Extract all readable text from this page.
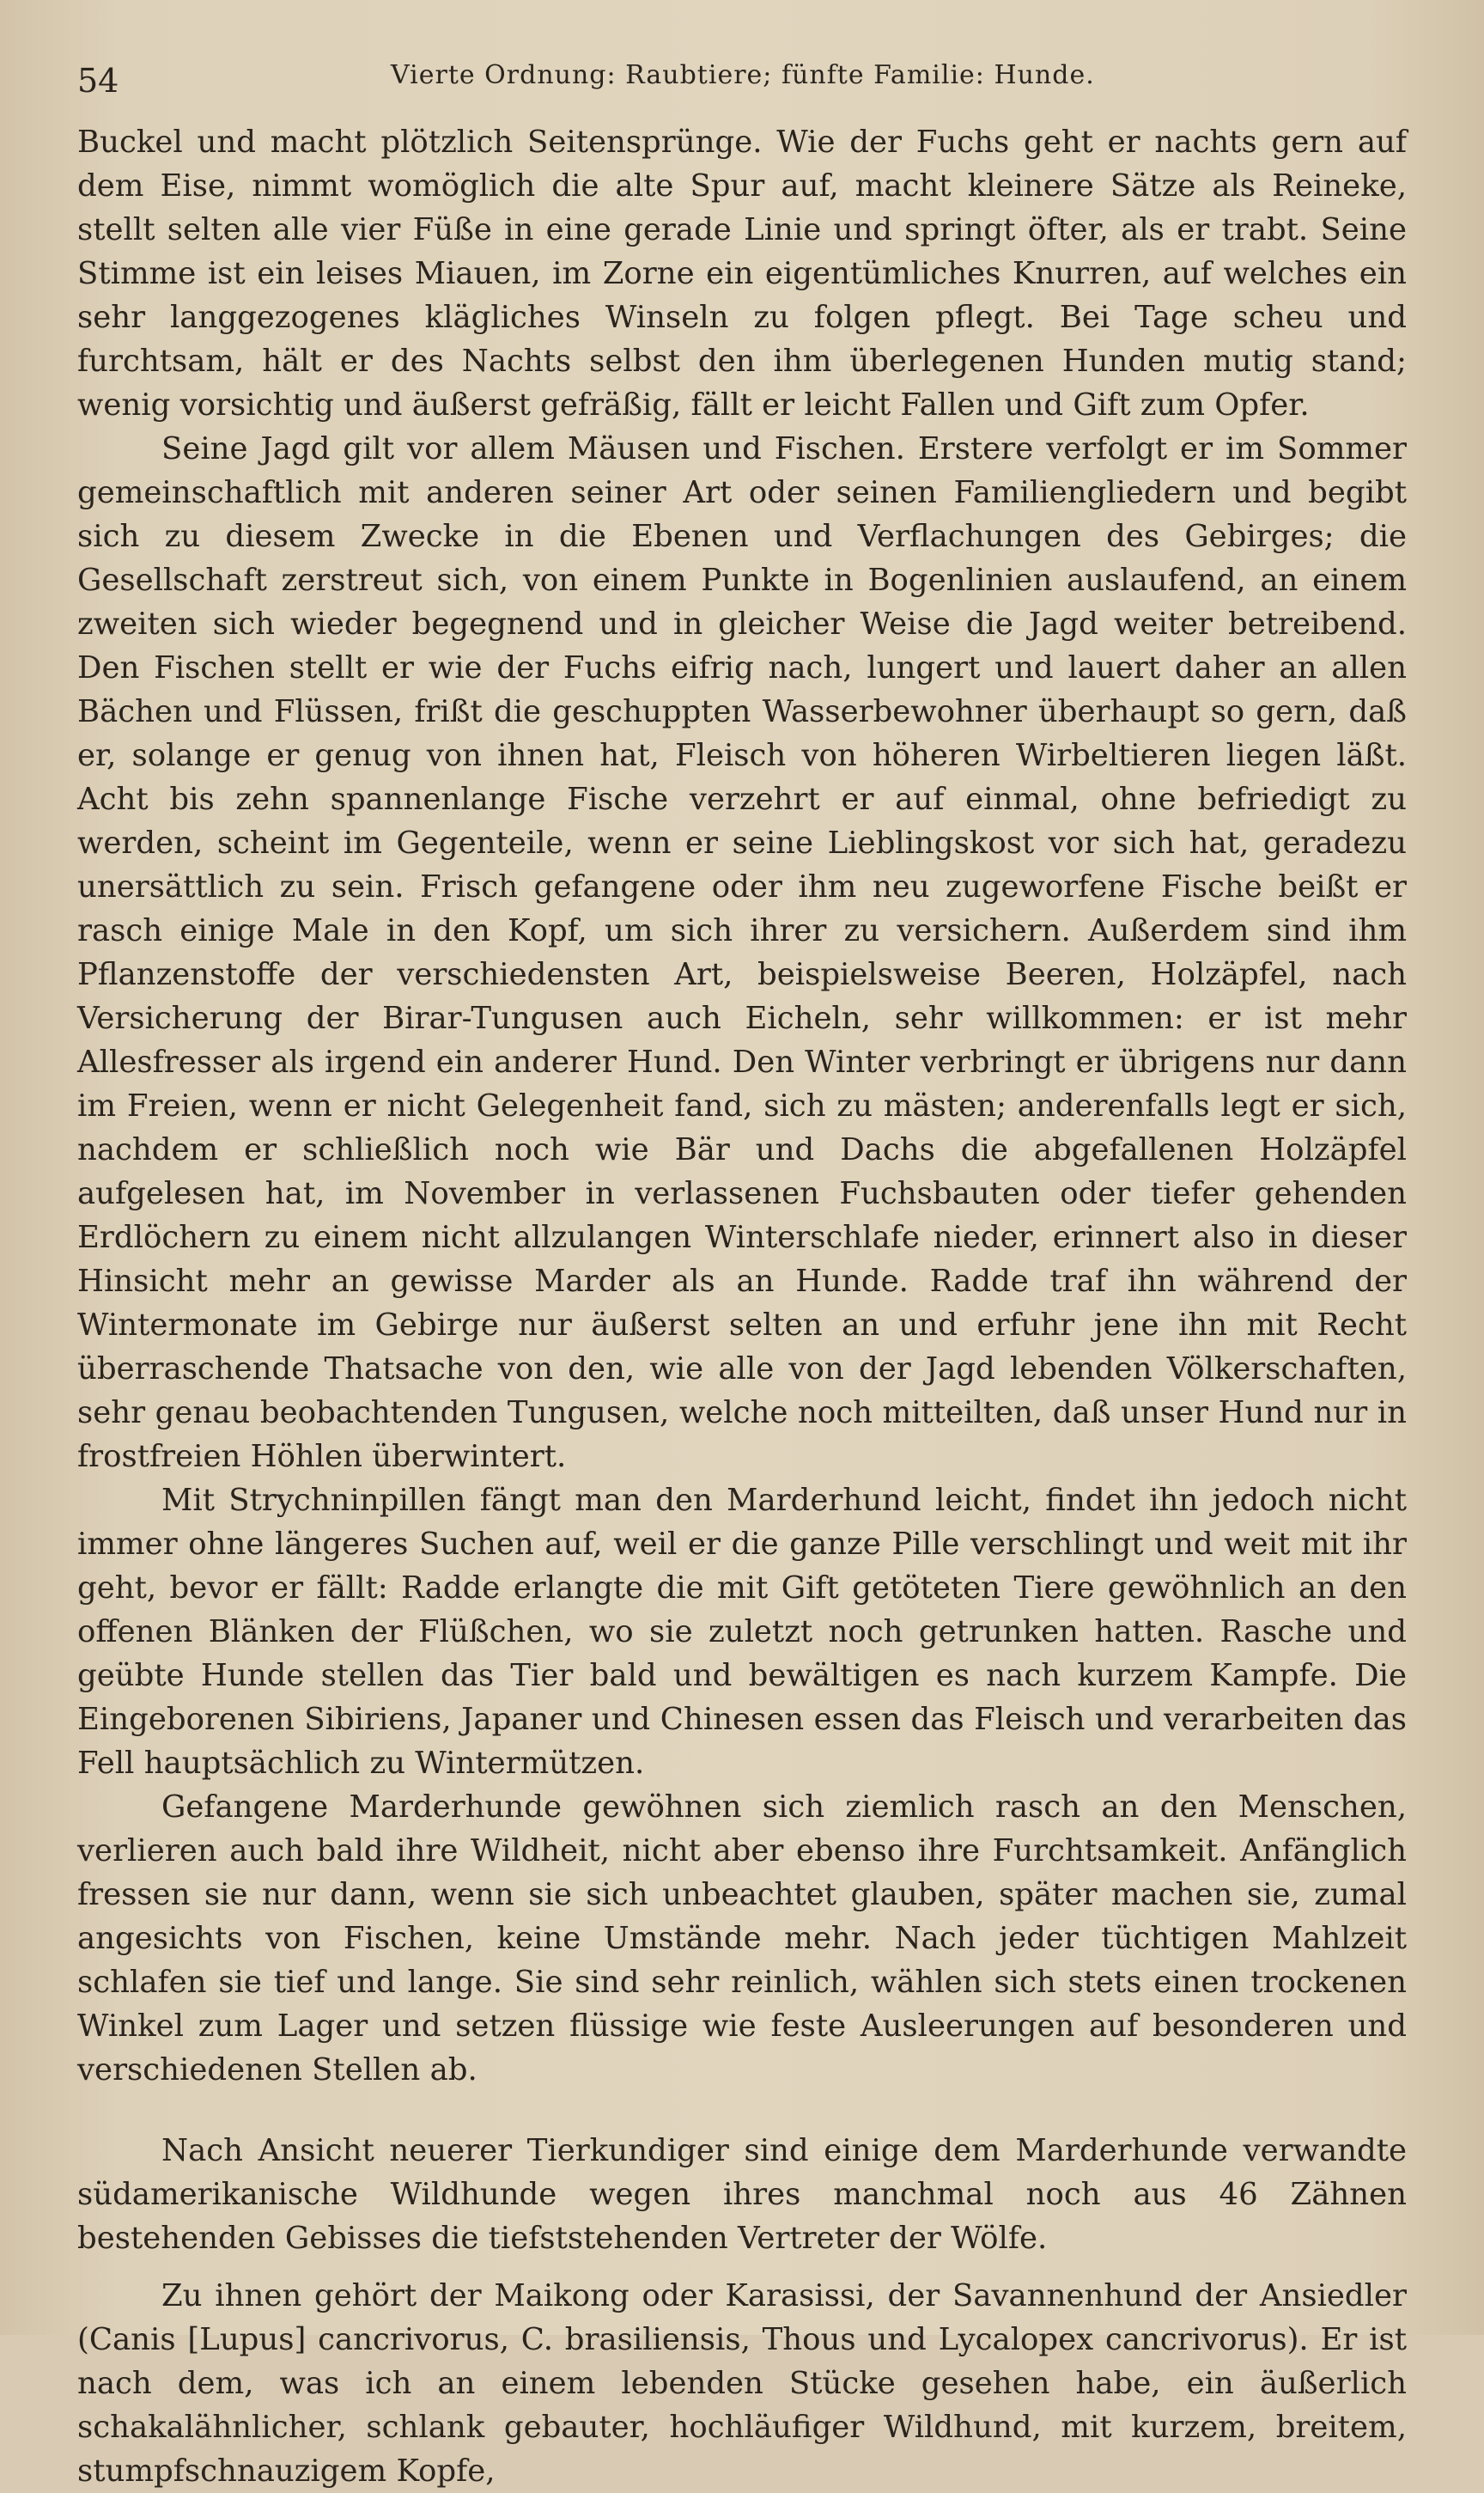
54	Vierte Ordnung: Raubtiere; fünfte Familie: Hunde.

Buckel und macht plötzlich Seitensprünge. Wie der Fuchs geht er nachts gern auf dem Eise, nimmt womöglich die alte Spur auf, macht kleinere Sätze als Reineke, stellt selten alle vier Füße in eine gerade Linie und springt öfter, als er trabt. Seine Stimme ist ein leises Miauen, im Zorne ein eigentümliches Knurren, auf welches ein sehr langgezogenes klägliches Winseln zu folgen pflegt. Bei Tage scheu und furchtsam, hält er des Nachts selbst den ihm überlegenen Hunden mutig stand; wenig vorsichtig und äußerst gefräßig, fällt er leicht Fallen und Gift zum Opfer.

Seine Jagd gilt vor allem Mäusen und Fischen. Erstere verfolgt er im Sommer gemeinschaftlich mit anderen seiner Art oder seinen Familiengliedern und begibt sich zu diesem Zwecke in die Ebenen und Verflachungen des Gebirges; die Gesellschaft zerstreut sich, von einem Punkte in Bogenlinien auslaufend, an einem zweiten sich wieder begegnend und in gleicher Weise die Jagd weiter betreibend. Den Fischen stellt er wie der Fuchs eifrig nach, lungert und lauert daher an allen Bächen und Flüssen, frißt die geschuppten Wasserbewohner überhaupt so gern, daß er, solange er genug von ihnen hat, Fleisch von höheren Wirbeltieren liegen läßt. Acht bis zehn spannenlange Fische verzehrt er auf einmal, ohne befriedigt zu werden, scheint im Gegenteile, wenn er seine Lieblingskost vor sich hat, geradezu unersättlich zu sein. Frisch gefangene oder ihm neu zugeworfene Fische beißt er rasch einige Male in den Kopf, um sich ihrer zu versichern. Außerdem sind ihm Pflanzenstoffe der verschiedensten Art, beispielsweise Beeren, Holzäpfel, nach Versicherung der Birar-Tungusen auch Eicheln, sehr willkommen: er ist mehr Allesfresser als irgend ein anderer Hund. Den Winter verbringt er übrigens nur dann im Freien, wenn er nicht Gelegenheit fand, sich zu mästen; anderenfalls legt er sich, nachdem er schließlich noch wie Bär und Dachs die abgefallenen Holzäpfel aufgelesen hat, im November in verlassenen Fuchsbauten oder tiefer gehenden Erdlöchern zu einem nicht allzulangen Winterschlafe nieder, erinnert also in dieser Hinsicht mehr an gewisse Marder als an Hunde. Radde traf ihn während der Wintermonate im Gebirge nur äußerst selten an und erfuhr jene ihn mit Recht überraschende Thatsache von den, wie alle von der Jagd lebenden Völkerschaften, sehr genau beobachtenden Tungusen, welche noch mitteilten, daß unser Hund nur in frostfreien Höhlen überwintert.

Mit Strychninpillen fängt man den Marderhund leicht, findet ihn jedoch nicht immer ohne längeres Suchen auf, weil er die ganze Pille verschlingt und weit mit ihr geht, bevor er fällt: Radde erlangte die mit Gift getöteten Tiere gewöhnlich an den offenen Blänken der Flüßchen, wo sie zuletzt noch getrunken hatten. Rasche und geübte Hunde stellen das Tier bald und bewältigen es nach kurzem Kampfe. Die Eingeborenen Sibiriens, Japaner und Chinesen essen das Fleisch und verarbeiten das Fell hauptsächlich zu Wintermützen.

Gefangene Marderhunde gewöhnen sich ziemlich rasch an den Menschen, verlieren auch bald ihre Wildheit, nicht aber ebenso ihre Furchtsamkeit. Anfänglich fressen sie nur dann, wenn sie sich unbeachtet glauben, später machen sie, zumal angesichts von Fischen, keine Umstände mehr. Nach jeder tüchtigen Mahlzeit schlafen sie tief und lange. Sie sind sehr reinlich, wählen sich stets einen trockenen Winkel zum Lager und setzen flüssige wie feste Ausleerungen auf besonderen und verschiedenen Stellen ab.

Nach Ansicht neuerer Tierkundiger sind einige dem Marderhunde verwandte südamerikanische Wildhunde wegen ihres manchmal noch aus 46 Zähnen bestehenden Gebisses die tiefststehenden Vertreter der Wölfe.

Zu ihnen gehört der Maikong oder Karasissi, der Savannenhund der Ansiedler (Canis [Lupus] cancrivorus, C. brasiliensis, Thous und Lycalopex cancrivorus). Er ist nach dem, was ich an einem lebenden Stücke gesehen habe, ein äußerlich schakalähnlicher, schlank gebauter, hochläufiger Wildhund, mit kurzem, breitem, stumpfschnauzigem Kopfe,
